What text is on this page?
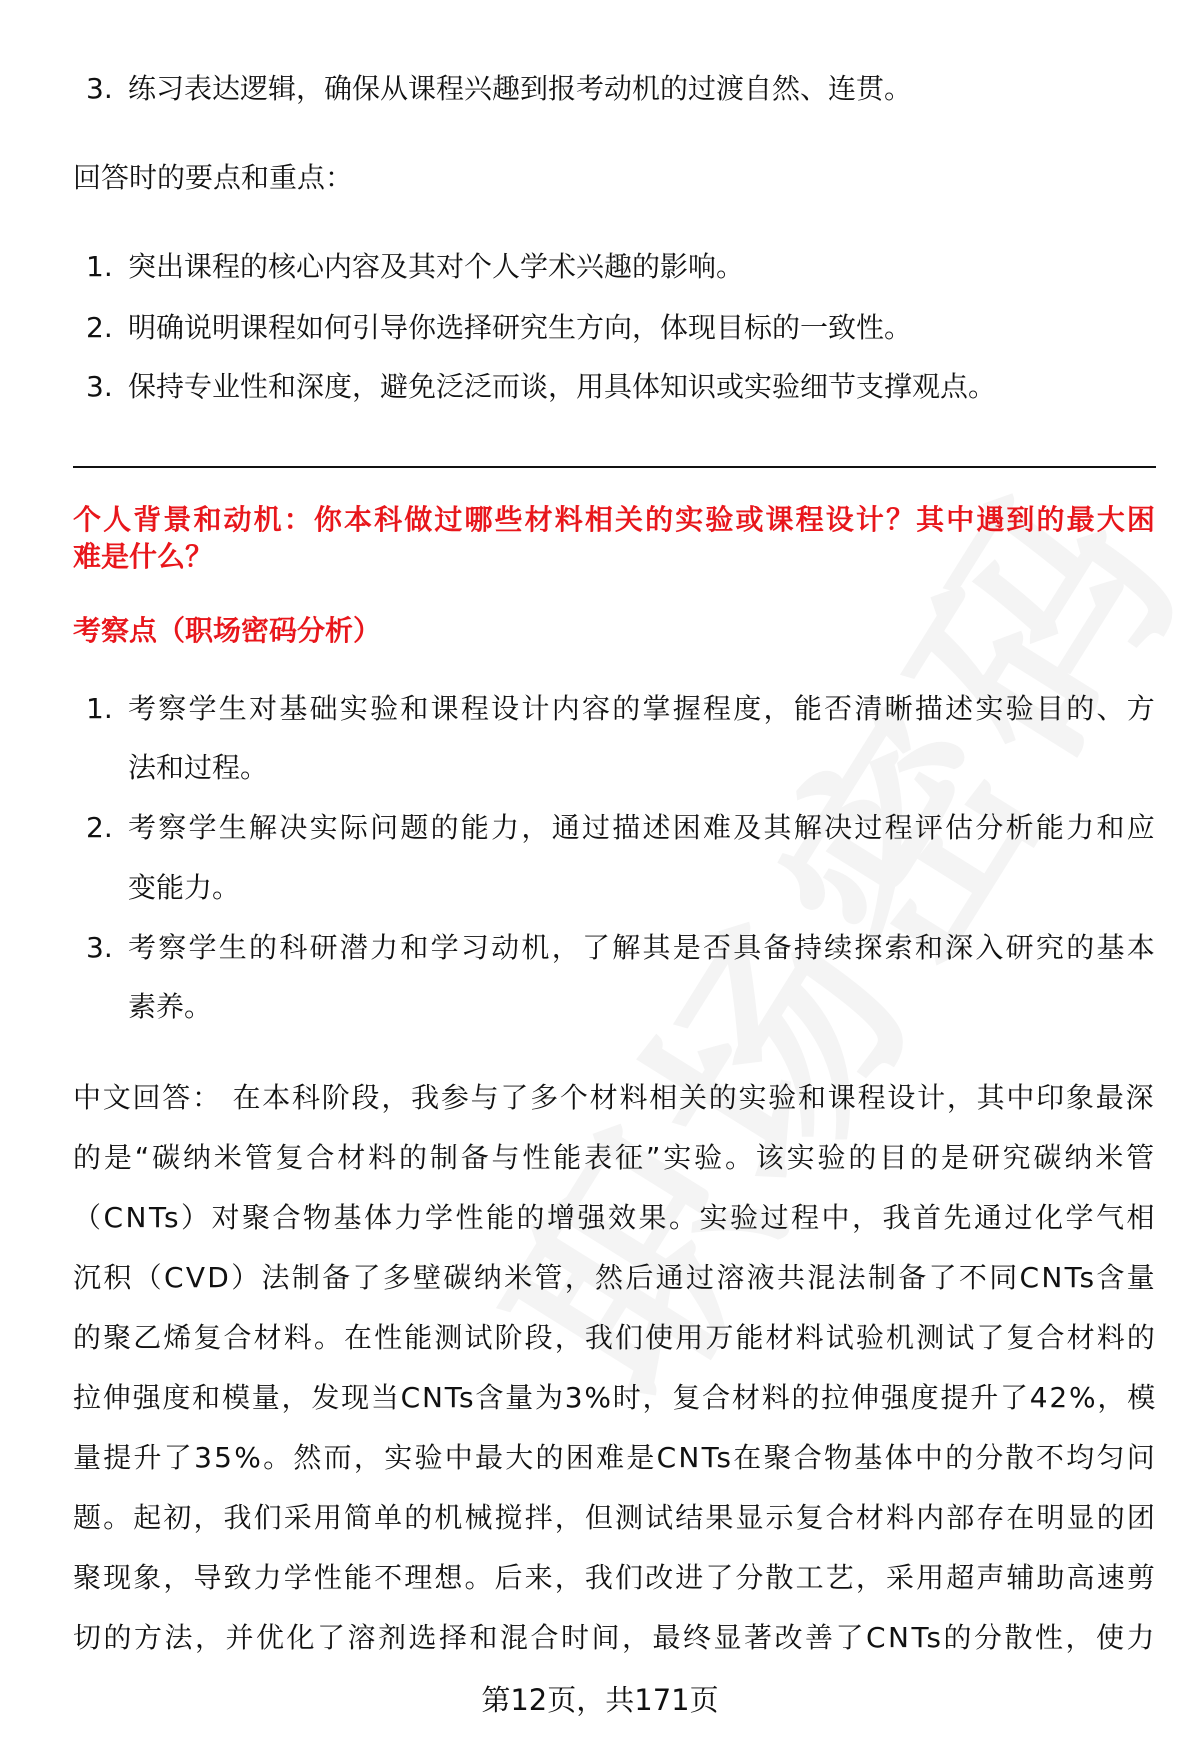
3. 练习表达逻辑，确保从课程兴趣到报考动机的过渡自然、连贯。
回答时的要点和重点：
1. 突出课程的核心内容及其对个人学术兴趣的影响。
2. 明确说明课程如何引导你选择研究生方向，体现目标的一致性。
3. 保持专业性和深度，避免泛泛而谈，用具体知识或实验细节支撑观点。
个人背景和动机：你本科做过哪些材料相关的实验或课程设计？其中遇到的最大困
难是什么？
考察点（职场密码分析）
1. 考察学生对基础实验和课程设计内容的掌握程度，能否清晰描述实验目的、方
法和过程。
2. 考察学生解决实际问题的能力，通过描述困难及其解决过程评估分析能力和应
变能力。
3. 考察学生的科研潜力和学习动机，了解其是否具备持续探索和深入研究的基本
素养。
中文回答： 在本科阶段，我参与了多个材料相关的实验和课程设计，其中印象最深
的是“碳纳米管复合材料的制备与性能表征”实验。该实验的目的是研究碳纳米管
（CNTs）对聚合物基体力学性能的增强效果。实验过程中，我首先通过化学气相
沉积（CVD）法制备了多壁碳纳米管，然后通过溶液共混法制备了不同CNTs含量
的聚乙烯复合材料。在性能测试阶段，我们使用万能材料试验机测试了复合材料的
拉伸强度和模量，发现当CNTs含量为3%时，复合材料的拉伸强度提升了42%，模
量提升了35%。然而，实验中最大的困难是CNTs在聚合物基体中的分散不均匀问
题。起初，我们采用简单的机械搅拌，但测试结果显示复合材料内部存在明显的团
聚现象，导致力学性能不理想。后来，我们改进了分散工艺，采用超声辅助高速剪
切的方法，并优化了溶剂选择和混合时间，最终显著改善了CNTs的分散性，使力
第12页，共171页
